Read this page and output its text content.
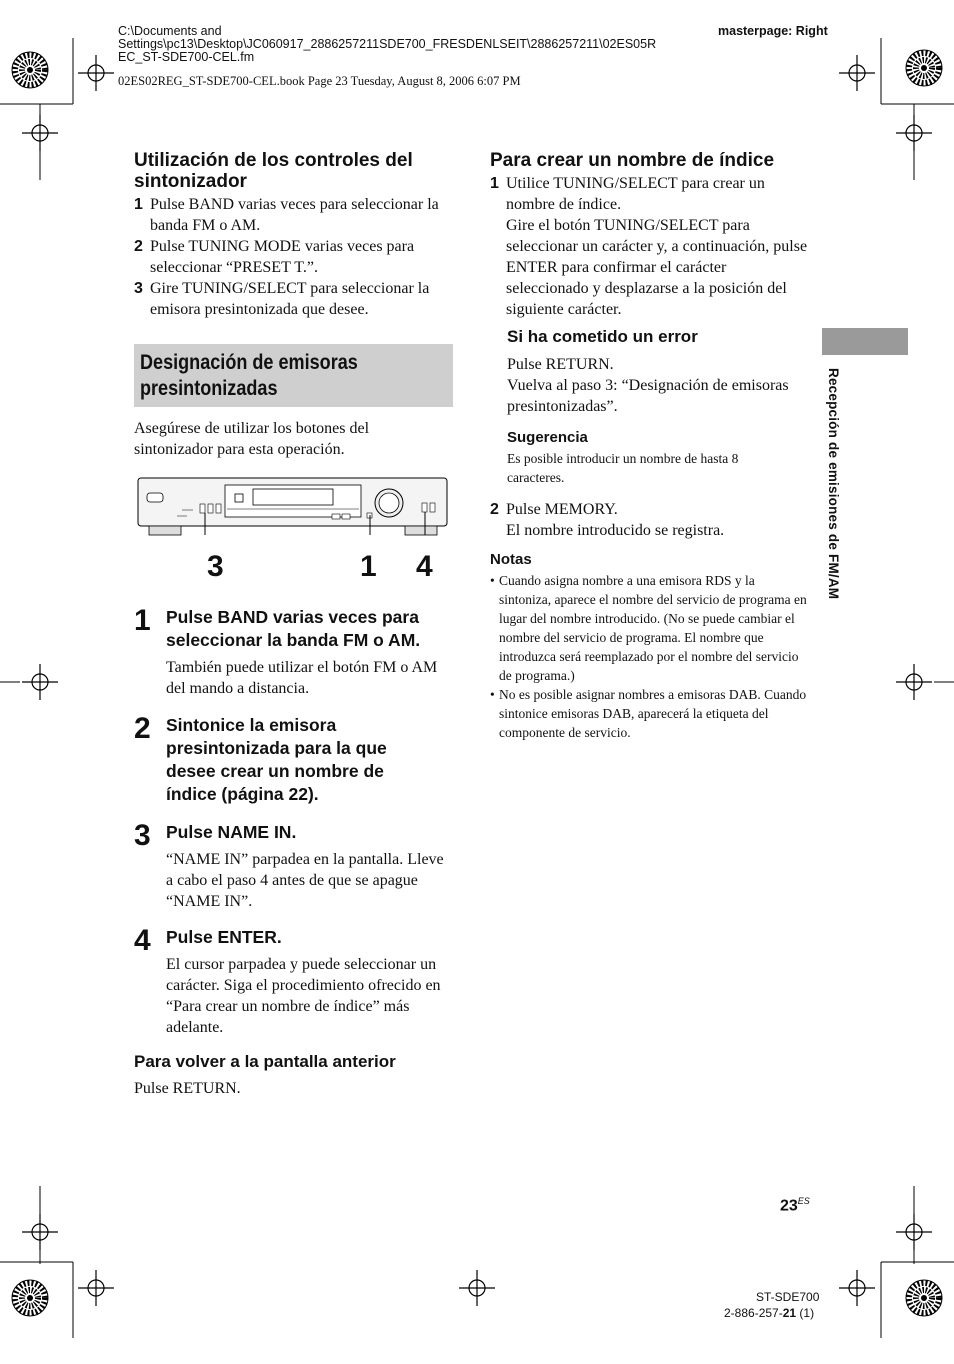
C:\Documents and
Settings\pc13\Desktop\JC060917_2886257211SDE700_FRESDENLSEIT\2886257211\02ES05R
EC_ST-SDE700-CEL.fm
masterpage: Right
02ES02REG_ST-SDE700-CEL.book Page 23 Tuesday, August 8, 2006 6:07 PM
Utilización de los controles del sintonizador
1 Pulse BAND varias veces para seleccionar la banda FM o AM.
2 Pulse TUNING MODE varias veces para seleccionar “PRESET T.”.
3 Gire TUNING/SELECT para seleccionar la emisora presintonizada que desee.
Designación de emisoras
presintonizadas
Asegúrese de utilizar los botones del sintonizador para esta operación.
3	1 4
1 Pulse BAND varias veces para seleccionar la banda FM o AM.
También puede utilizar el botón FM o AM del mando a distancia.
2 Sintonice la emisora presintonizada para la que desee crear un nombre de índice (página 22).
3 Pulse NAME IN.
“NAME IN” parpadea en la pantalla. Lleve a cabo el paso 4 antes de que se apague “NAME IN”.
4 Pulse ENTER.
El cursor parpadea y puede seleccionar un carácter. Siga el procedimiento ofrecido en “Para crear un nombre de índice” más adelante.
Para volver a la pantalla anterior
Pulse RETURN.
Para crear un nombre de índice
1 Utilice TUNING/SELECT para crear un nombre de índice.
Gire el botón TUNING/SELECT para seleccionar un carácter y, a continuación, pulse ENTER para confirmar el carácter seleccionado y desplazarse a la posición del siguiente carácter.
Si ha cometido un error
Pulse RETURN.
Vuelva al paso 3: “Designación de emisoras presintonizadas”.
Sugerencia
Es posible introducir un nombre de hasta 8 caracteres.
2 Pulse MEMORY.
El nombre introducido se registra.
Notas
• Cuando asigna nombre a una emisora RDS y la sintoniza, aparece el nombre del servicio de programa en lugar del nombre introducido. (No se puede cambiar el nombre del servicio de programa. El nombre que introduzca será reemplazado por el nombre del servicio de programa.)
• No es posible asignar nombres a emisoras DAB. Cuando sintonice emisoras DAB, aparecerá la etiqueta del componente de servicio.
Recepción de emisiones de FM/AM
$23^{ES}$
ST-SDE700
2-886-257-21 (1)
